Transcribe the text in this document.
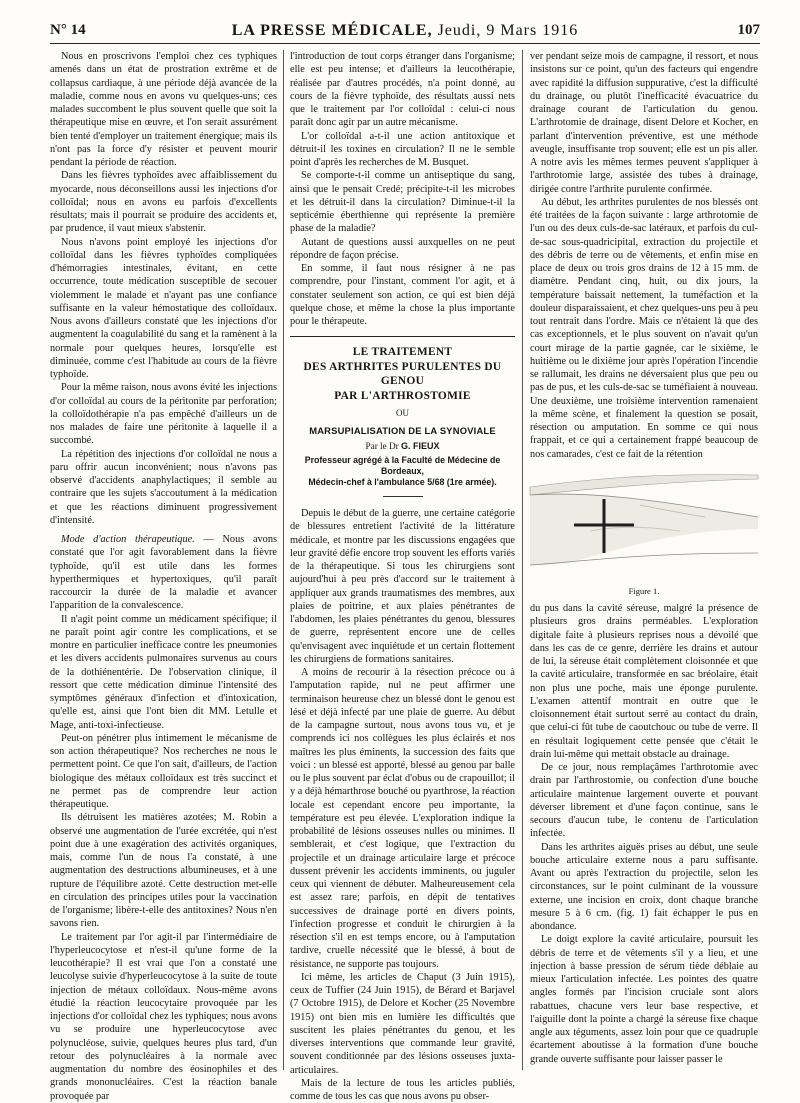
N° 14	LA PRESSE MÉDICALE, Jeudi, 9 Mars 1916	107

Nous en proscrivons l'emploi chez ces typhiques amenés dans un état de prostration extrême et de collapsus cardiaque, à une période déjà avancée de la maladie, comme nous en avons vu quelques-uns; ces malades succombent le plus souvent quelle que soit la thérapeutique mise en œuvre, et l'on serait assurément bien tenté d'employer un traitement énergique; mais ils n'ont pas la force d'y résister et peuvent mourir pendant la période de réaction.

Dans les fièvres typhoïdes avec affaiblissement du myocarde, nous déconseillons aussi les injections d'or colloïdal; nous en avons eu parfois d'excellents résultats; mais il pourrait se produire des accidents et, par prudence, il vaut mieux s'abstenir.

Nous n'avons point employé les injections d'or colloïdal dans les fièvres typhoïdes compliquées d'hémorragies intestinales, évitant, en cette occurrence, toute médication susceptible de secouer violemment le malade et n'ayant pas une confiance suffisante en la valeur hémostatique des colloïdaux. Nous avons d'ailleurs constaté que les injections d'or augmentent la coagulabilité du sang et la ramènent à la normale pour quelques heures, lorsqu'elle est diminuée, comme c'est l'habitude au cours de la fièvre typhoïde.

Pour la même raison, nous avons évité les injections d'or colloïdal au cours de la péritonite par perforation; la colloïdothérapie n'a pas empêché d'ailleurs un de nos malades de faire une péritonite à laquelle il a succombé.

La répétition des injections d'or colloïdal ne nous a paru offrir aucun inconvénient; nous n'avons pas observé d'accidents anaphylactiques; il semble au contraire que les sujets s'accoutument à la médication et que les réactions diminuent progressivement d'intensité.

Mode d'action thérapeutique. — Nous avons constaté que l'or agit favorablement dans la fièvre typhoïde, qu'il est utile dans les formes hyperthermiques et hypertoxiques, qu'il paraît raccourcir la durée de la maladie et avancer l'apparition de la convalescence.

Il n'agit point comme un médicament spécifique; il ne paraît point agir contre les complications, et se montre en particulier inefficace contre les pneumonies et les divers accidents pulmonaires survenus au cours de la dothiénentérie. De l'observation clinique, il ressort que cette médication diminue l'intensité des symptômes généraux d'infection et d'intoxication, qu'elle est, ainsi que l'ont bien dit MM. Letulle et Mage, anti-toxi-infectieuse.

Peut-on pénétrer plus intimement le mécanisme de son action thérapeutique? Nos recherches ne nous le permettent point. Ce que l'on sait, d'ailleurs, de l'action biologique des métaux colloïdaux est très succinct et ne permet pas de comprendre leur action thérapeutique.

Ils détruisent les matières azotées; M. Robin a observé une augmentation de l'urée excrétée, qui n'est point due à une exagération des activités organiques, mais, comme l'un de nous l'a constaté, à une augmentation des destructions albumineuses, et à une rupture de l'équilibre azoté. Cette destruction met-elle en circulation des principes utiles pour la vaccination de l'organisme; libère-t-elle des antitoxines? Nous n'en savons rien.

Le traitement par l'or agit-il par l'intermédiaire de l'hyperleucocytose et n'est-il qu'une forme de la leucothérapie? Il est vrai que l'on a constaté une leucolyse suivie d'hyperleucocytose à la suite de toute injection de métaux colloïdaux. Nous-même avons étudié la réaction leucocytaire provoquée par les injections d'or colloïdal chez les typhiques; nous avons vu se produire une hyperleucocytose avec polynucléose, suivie, quelques heures plus tard, d'un retour des polynucléaires à la normale avec augmentation du nombre des éosinophiles et des grands mononucléaires. C'est la réaction banale provoquée par

l'introduction de tout corps étranger dans l'organisme; elle est peu intense; et d'ailleurs la leucothérapie, réalisée par d'autres procédés, n'a point donné, au cours de la fièvre typhoïde, des résultats aussi nets que le traitement par l'or colloïdal : celui-ci nous paraît donc agir par un autre mécanisme.

L'or colloïdal a-t-il une action antitoxique et détruit-il les toxines en circulation? Il ne le semble point d'après les recherches de M. Busquet.

Se comporte-t-il comme un antiseptique du sang, ainsi que le pensait Credé; précipite-t-il les microbes et les détruit-il dans la circulation? Diminue-t-il la septicémie éberthienne qui représente la première phase de la maladie?

Autant de questions aussi auxquelles on ne peut répondre de façon précise.

En somme, il faut nous résigner à ne pas comprendre, pour l'instant, comment l'or agit, et à constater seulement son action, ce qui est bien déjà quelque chose, et même la chose la plus importante pour le thérapeute.

LE TRAITEMENT
DES ARTHRITES PURULENTES DU GENOU
PAR L'ARTHROSTOMIE
OU
MARSUPIALISATION DE LA SYNOVIALE
Par le Dr G. FIEUX
Professeur agrégé à la Faculté de Médecine de Bordeaux,
Médecin-chef à l'ambulance 5/68 (1re armée).

Depuis le début de la guerre, une certaine catégorie de blessures entretient l'activité de la littérature médicale, et montre par les discussions engagées que leur gravité défie encore trop souvent les efforts variés de la thérapeutique. Si tous les chirurgiens sont aujourd'hui à peu près d'accord sur le traitement à appliquer aux grands traumatismes des membres, aux plaies de poitrine, et aux plaies pénétrantes de l'abdomen, les plaies pénétrantes du genou, blessures de guerre, représentent encore une de celles qu'envisagent avec inquiétude et un certain flottement les chirurgiens de formations sanitaires.

A moins de recourir à la résection précoce ou à l'amputation rapide, nul ne peut affirmer une terminaison heureuse chez un blessé dont le genou est lésé et déjà infecté par une plaie de guerre. Au début de la campagne surtout, nous avons tous vu, et je comprends ici nos collègues les plus éclairés et nos maîtres les plus éminents, la succession des faits que voici : un blessé est apporté, blessé au genou par balle ou le plus souvent par éclat d'obus ou de crapouillot; il y a déjà hémarthrose bouché ou pyarthrose, la réaction locale est cependant encore peu importante, la température est peu élevée. L'exploration indique la probabilité de lésions osseuses nulles ou minimes. Il semblerait, et c'est logique, que l'extraction du projectile et un drainage articulaire large et précoce dussent prévenir les accidents imminents, ou juguler ceux qui viennent de débuter. Malheureusement cela est assez rare; parfois, en dépit de tentatives successives de drainage porté en divers points, l'infection progresse et conduit le chirurgien à la résection s'il en est temps encore, ou à l'amputation tardive, cruelle nécessité que le blessé, à bout de résistance, ne supporte pas toujours.

Ici même, les articles de Chaput (3 Juin 1915), ceux de Tuffier (24 Juin 1915), de Bérard et Barjavel (7 Octobre 1915), de Delore et Kocher (25 Novembre 1915) ont bien mis en lumière les difficultés que suscitent les plaies pénétrantes du genou, et les diverses interventions que commande leur gravité, souvent conditionnée par des lésions osseuses juxta-articulaires.

Mais de la lecture de tous les articles publiés, comme de tous les cas que nous avons pu obser-

ver pendant seize mois de campagne, il ressort, et nous insistons sur ce point, qu'un des facteurs qui engendre avec rapidité la diffusion suppurative, c'est la difficulté du drainage, ou plutôt l'inefficacité évacuatrice du drainage courant de l'articulation du genou. L'arthrotomie de drainage, disent Delore et Kocher, en parlant d'intervention préventive, est une méthode aveugle, insuffisante trop souvent; elle est un pis aller. A notre avis les mêmes termes peuvent s'appliquer à l'arthrotomie large, assistée des tubes à drainage, dirigée contre l'arthrite purulente confirmée.

Au début, les arthrites purulentes de nos blessés ont été traitées de la façon suivante : large arthrotomie de l'un ou des deux culs-de-sac latéraux, et parfois du cul-de-sac sous-quadricipital, extraction du projectile et des débris de terre ou de vêtements, et enfin mise en place de deux ou trois gros drains de 12 à 15 mm. de diamètre. Pendant cinq, huit, ou dix jours, la température baissait nettement, la tuméfaction et la douleur disparaissaient, et chez quelques-uns peu à peu tout rentrait dans l'ordre. Mais ce n'étaient là que des cas exceptionnels, et le plus souvent on n'avait qu'un court mirage de la partie gagnée, car le sixième, le huitième ou le dixième jour après l'opération l'incendie se rallumait, les drains ne déversaient plus que peu ou pas de pus, et les culs-de-sac se tuméfiaient à nouveau. Une deuxième, une troisième intervention ramenaient la même scène, et finalement la question se posait, résection ou amputation. En somme ce qui nous frappait, et ce qui a certainement frappé beaucoup de nos camarades, c'est ce fait de la rétention

Figure 1.

du pus dans la cavité séreuse, malgré la présence de plusieurs gros drains perméables. L'exploration digitale faite à plusieurs reprises nous a dévoilé que dans les cas de ce genre, derrière les drains et autour de lui, la séreuse était complètement cloisonnée et que la cavité articulaire, transformée en sac bréolaire, était non plus une poche, mais une éponge purulente. L'examen attentif montrait en outre que le cloisonnement était surtout serré au contact du drain, que celui-ci fût tube de caoutchouc ou tube de verre. Il en résultait logiquement cette pensée que c'était le drain lui-même qui mettait obstacle au drainage.

De ce jour, nous remplaçâmes l'arthrotomie avec drain par l'arthrostomie, ou confection d'une bouche articulaire maintenue largement ouverte et pouvant déverser librement et d'une façon continue, sans le secours d'aucun tube, le contenu de l'articulation infectée.

Dans les arthrites aiguës prises au début, une seule bouche articulaire externe nous a paru suffisante. Avant ou après l'extraction du projectile, selon les circonstances, sur le point culminant de la voussure externe, une incision en croix, dont chaque branche mesure 5 à 6 cm. (fig. 1) fait échapper le pus en abondance.

Le doigt explore la cavité articulaire, poursuit les débris de terre et de vêtements s'il y a lieu, et une injection à basse pression de sérum tiède déblaie au mieux l'articulation infectée. Les pointes des quatre angles formés par l'incision cruciale sont alors rabattues, chacune vers leur base respective, et l'aiguille dont la pointe a chargé la séreuse fixe chaque angle aux téguments, assez loin pour que ce quadruple écartement aboutisse à la formation d'une bouche grande ouverte suffisante pour laisser passer le
